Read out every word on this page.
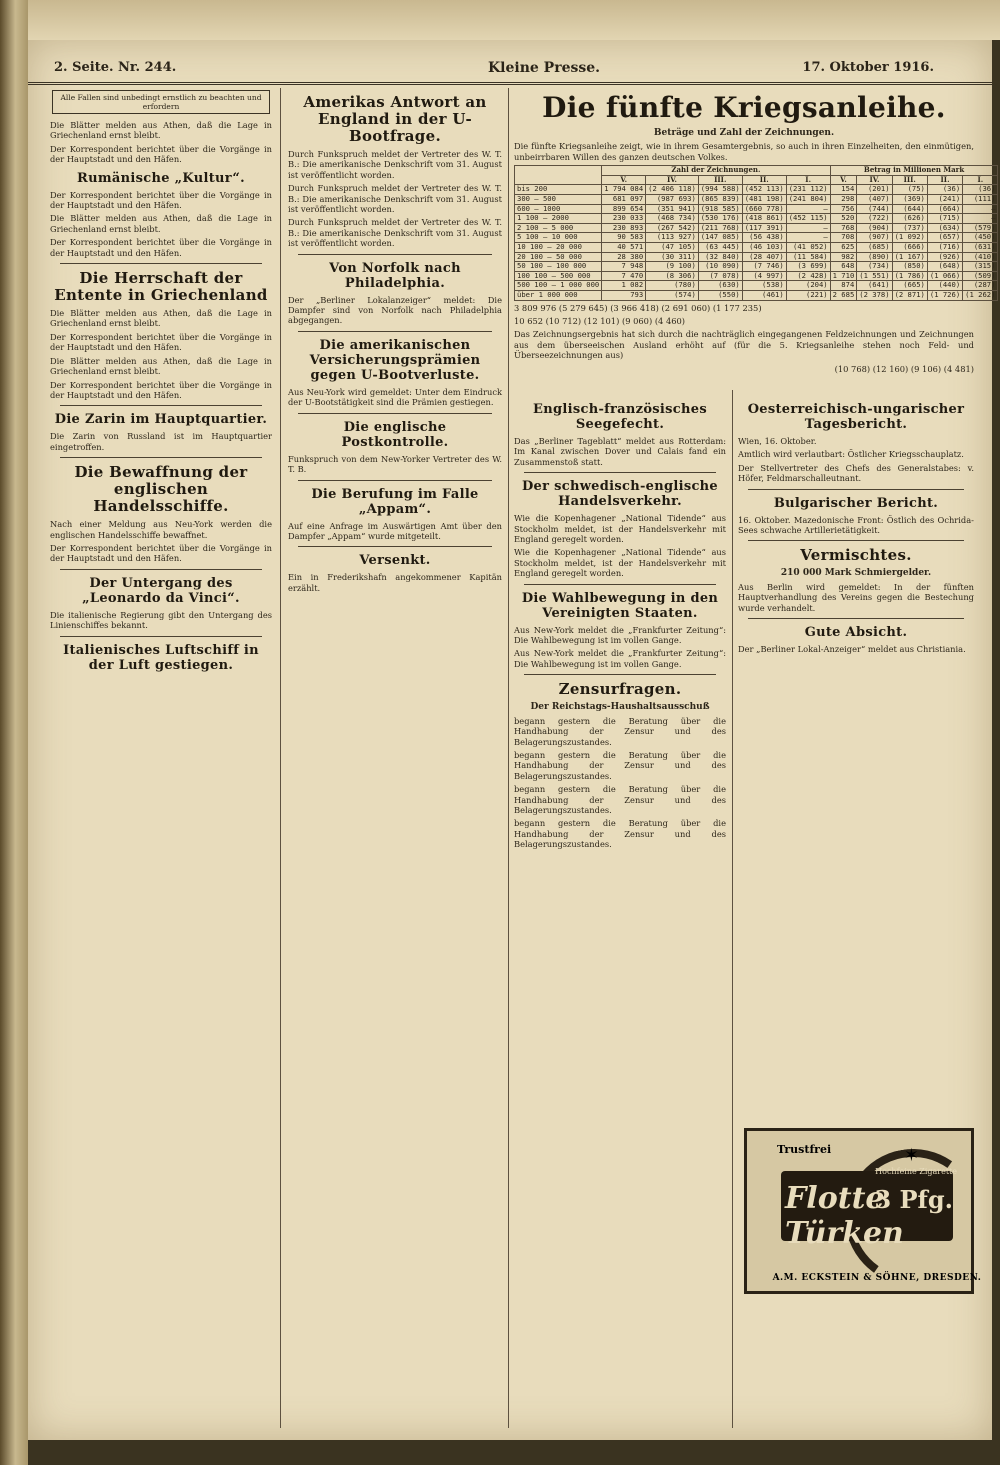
2. Seite. Nr. 244.	Kleine Presse.	17. Oktober 1916.
Alle Fallen sind unbedingt ernstlich zu beachten und erfordern

Die Blätter melden aus Athen, daß die Lage in Griechenland ernst bleibt.

Der Korrespondent berichtet über die Vorgänge in der Hauptstadt und den Häfen.

Rumänische „Kultur“.

Der Korrespondent berichtet über die Vorgänge in der Hauptstadt und den Häfen.

Die Blätter melden aus Athen, daß die Lage in Griechenland ernst bleibt.

Der Korrespondent berichtet über die Vorgänge in der Hauptstadt und den Häfen.

Die Herrschaft der Entente in Griechenland

Die Blätter melden aus Athen, daß die Lage in Griechenland ernst bleibt.

Der Korrespondent berichtet über die Vorgänge in der Hauptstadt und den Häfen.

Die Blätter melden aus Athen, daß die Lage in Griechenland ernst bleibt.

Der Korrespondent berichtet über die Vorgänge in der Hauptstadt und den Häfen.

Die Zarin im Hauptquartier.

Die Zarin von Russland ist im Hauptquartier eingetroffen.

Die Bewaffnung der englischen Handelsschiffe.

Nach einer Meldung aus Neu-York werden die englischen Handelsschiffe bewaffnet.

Der Korrespondent berichtet über die Vorgänge in der Hauptstadt und den Häfen.

Der Untergang des „Leonardo da Vinci“.

Die italienische Regierung gibt den Untergang des Linienschiffes bekannt.

Italienisches Luftschiff in der Luft gestiegen.
Amerikas Antwort an England in der U-Bootfrage.

Durch Funkspruch meldet der Vertreter des W. T. B.: Die amerikanische Denkschrift vom 31. August ist veröffentlicht worden.

Durch Funkspruch meldet der Vertreter des W. T. B.: Die amerikanische Denkschrift vom 31. August ist veröffentlicht worden.

Durch Funkspruch meldet der Vertreter des W. T. B.: Die amerikanische Denkschrift vom 31. August ist veröffentlicht worden.

Von Norfolk nach Philadelphia.

Der „Berliner Lokalanzeiger“ meldet: Die Dampfer sind von Norfolk nach Philadelphia abgegangen.

Die amerikanischen Versicherungsprämien gegen U-Bootverluste.

Aus Neu-York wird gemeldet: Unter dem Eindruck der U-Bootstätigkeit sind die Prämien gestiegen.

Die englische Postkontrolle.

Funkspruch von dem New-Yorker Vertreter des W. T. B.

Die Berufung im Falle „Appam“.

Auf eine Anfrage im Auswärtigen Amt über den Dampfer „Appam“ wurde mitgeteilt.

Versenkt.

Ein in Frederikshafn angekommener Kapitän erzählt.

Die fünfte Kriegsanleihe.
Beträge und Zahl der Zeichnungen.

Die fünfte Kriegsanleihe zeigt, wie in ihrem Gesamtergebnis, so auch in ihren Einzelheiten, den einmütigen, unbeirrbaren Willen des ganzen deutschen Volkes.

	Zahl der Zeichnungen.					Betrag in Millionen Mark				
	V.	IV.	III.	II.	I.	V.	IV.	III.	II.	I.
bis 200	1 794 084	(2 406 118)	(994 588)	(452 113)	(231 112)	154	(201)	(75)	(36)	(36)
300 – 500	681 097	(987 693)	(865 839)	(481 198)	(241 804)	298	(407)	(369)	(241)	(111)
600 – 1000	899 654	(351 941)	(918 585)	(660 778)	—	756	(744)	(644)	(664)	—
1 100 – 2000	230 033	(468 734)	(530 176)	(418 861)	(452 115)	520	(722)	(626)	(715)	—
2 100 – 5 000	230 893	(267 542)	(211 768)	(117 391)	—	768	(904)	(737)	(634)	(579)
5 100 – 10 000	90 583	(113 927)	(147 085)	(56 438)	—	708	(907)	(1 092)	(657)	(450)
10 100 – 20 000	40 571	(47 105)	(63 445)	(46 103)	(41 052)	625	(685)	(666)	(716)	(631)
20 100 – 50 000	28 380	(30 311)	(32 840)	(28 407)	(11 584)	982	(890)	(1 167)	(926)	(410)
50 100 – 100 000	7 948	(9 100)	(10 090)	(7 746)	(3 699)	648	(734)	(850)	(648)	(315)
100 100 – 500 000	7 470	(8 306)	(7 078)	(4 997)	(2 428)	1 710	(1 551)	(1 786)	(1 066)	(509)
500 100 – 1 000 000	1 082	(780)	(630)	(538)	(204)	874	(641)	(665)	(440)	(287)
über 1 000 000	793	(574)	(550)	(461)	(221)	2 685	(2 378)	(2 871)	(1 726)	(1 262)

3 809 976 (5 279 645) (3 966 418) (2 691 060) (1 177 235)

10 652 (10 712) (12 101) (9 060) (4 460)

Das Zeichnungsergebnis hat sich durch die nachträglich eingegangenen Feldzeichnungen und Zeichnungen aus dem überseeischen Ausland erhöht auf (für die 5. Kriegsanleihe stehen noch Feld- und Überseezeichnungen aus)

(10 768) (12 160) (9 106) (4 481)

Englisch-französisches Seegefecht.

Das „Berliner Tageblatt“ meldet aus Rotterdam: Im Kanal zwischen Dover und Calais fand ein Zusammenstoß statt.

Der schwedisch-englische Handelsverkehr.

Wie die Kopenhagener „National Tidende“ aus Stockholm meldet, ist der Handelsverkehr mit England geregelt worden.

Wie die Kopenhagener „National Tidende“ aus Stockholm meldet, ist der Handelsverkehr mit England geregelt worden.

Die Wahlbewegung in den Vereinigten Staaten.

Aus New-York meldet die „Frankfurter Zeitung“: Die Wahlbewegung ist im vollen Gange.

Aus New-York meldet die „Frankfurter Zeitung“: Die Wahlbewegung ist im vollen Gange.

Zensurfragen.
Der Reichstags-Haushaltsausschuß

begann gestern die Beratung über die Handhabung der Zensur und des Belagerungszustandes.

begann gestern die Beratung über die Handhabung der Zensur und des Belagerungszustandes.

begann gestern die Beratung über die Handhabung der Zensur und des Belagerungszustandes.

begann gestern die Beratung über die Handhabung der Zensur und des Belagerungszustandes.

Oesterreichisch-ungarischer Tagesbericht.

Wien, 16. Oktober.

Amtlich wird verlautbart: Östlicher Kriegsschauplatz.

Der Stellvertreter des Chefs des Generalstabes: v. Höfer, Feldmarschalleutnant.

Bulgarischer Bericht.

16. Oktober. Mazedonische Front: Östlich des Ochrida-Sees schwache Artillerietätigkeit.

Vermischtes.
210 000 Mark Schmiergelder.

Aus Berlin wird gemeldet: In der fünften Hauptverhandlung des Vereins gegen die Bestechung wurde verhandelt.

Gute Absicht.

Der „Berliner Lokal-Anzeiger“ meldet aus Christiania.

✶
Trustfrei
Flotte Türken
Hochfeine Zigarette
3 Pfg.
A.M. ECKSTEIN & SÖHNE, DRESDEN.
